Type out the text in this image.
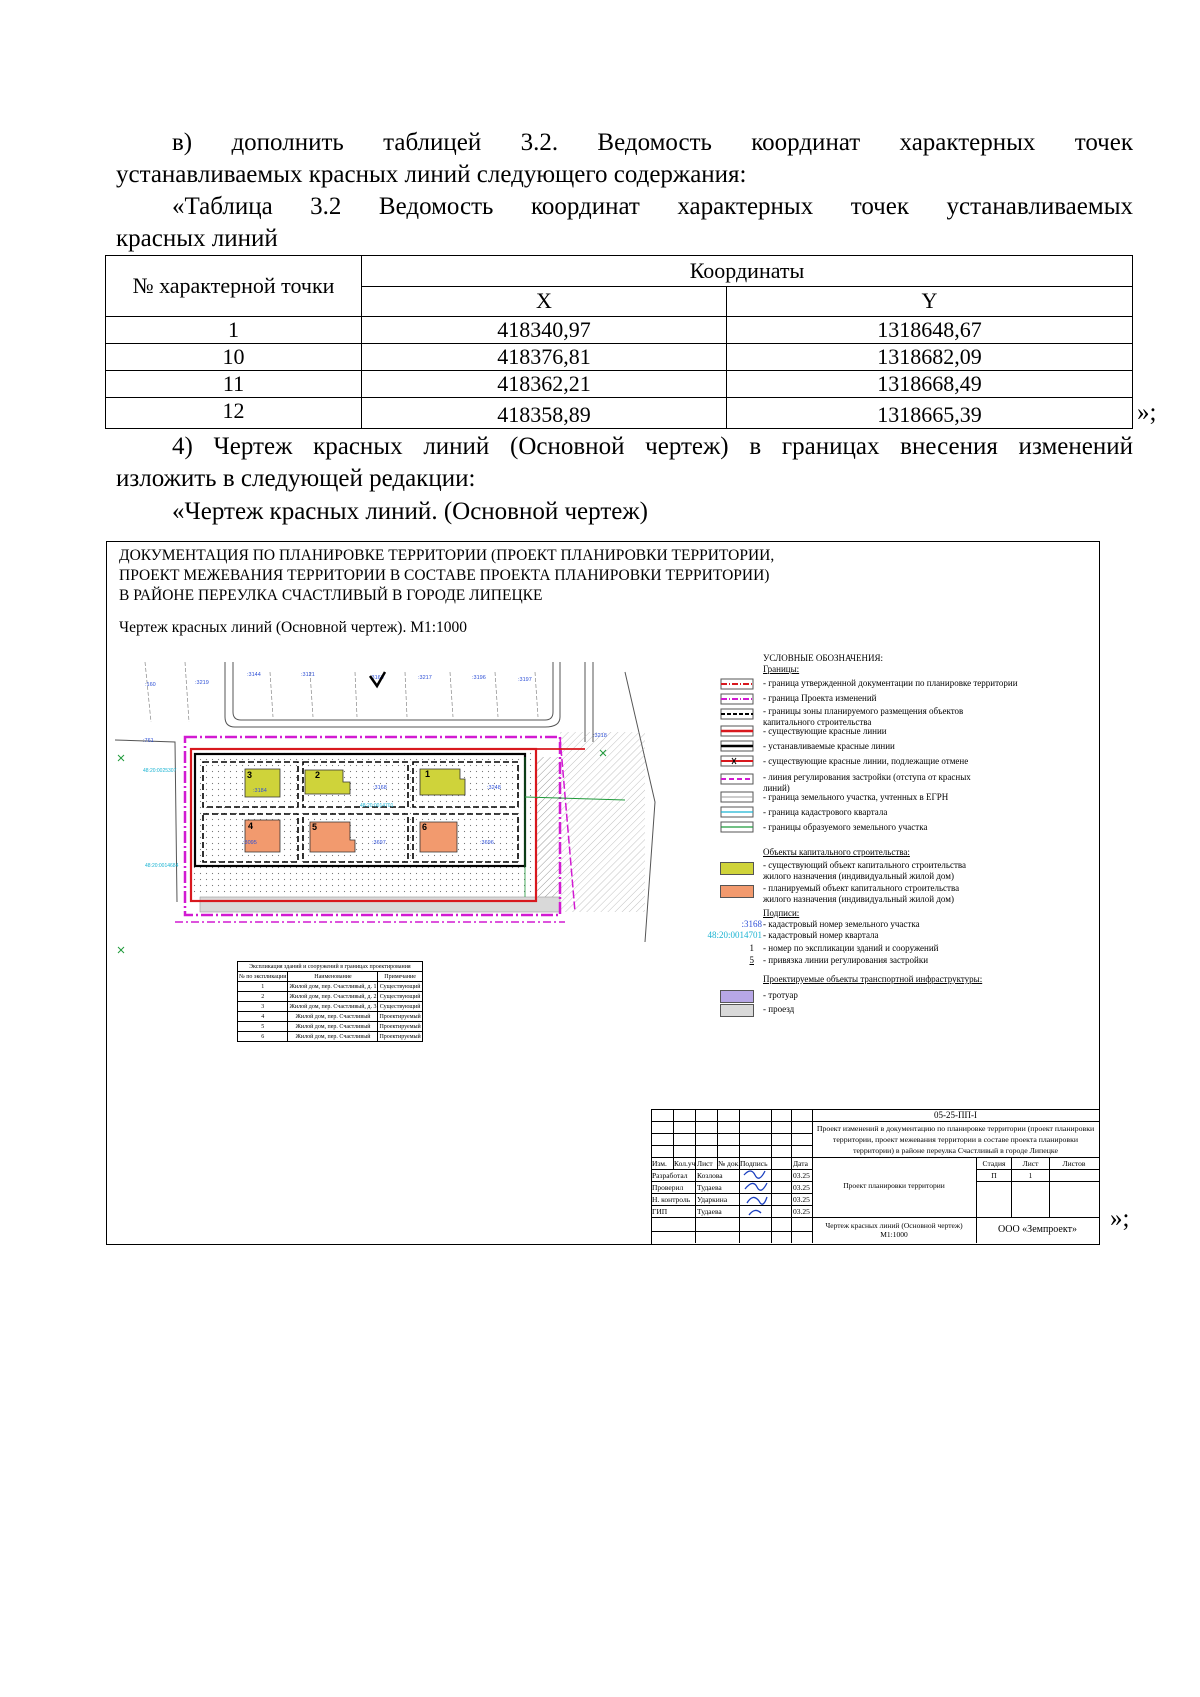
в) дополнить таблицей 3.2. Ведомость координат характерных точек
устанавливаемых красных линий следующего содержания:
«Таблица 3.2 Ведомость координат характерных точек устанавливаемых
красных линий
№ характерной точки	Координаты	
	X	Y
1	418340,97	1318648,67
10	418376,81	1318682,09
11	418362,21	1318668,49
12	418358,89	1318665,39	»;
4) Чертеж красных линий (Основной чертеж) в границах внесения изменений
изложить в следующей редакции:
«Чертеж красных линий. (Основной чертеж)
ДОКУМЕНТАЦИЯ ПО ПЛАНИРОВКЕ ТЕРРИТОРИИ (ПРОЕКТ ПЛАНИРОВКИ ТЕРРИТОРИИ,
ПРОЕКТ МЕЖЕВАНИЯ ТЕРРИТОРИИ В СОСТАВЕ ПРОЕКТА ПЛАНИРОВКИ ТЕРРИТОРИИ)
В РАЙОНЕ ПЕРЕУЛКА СЧАСТЛИВЫЙ В ГОРОДЕ ЛИПЕЦКЕ
Чертеж красных линий (Основной чертеж). М1:1000
3	2	1
4	5	6
:160	:3219
:3144	:3121	:3169	:3217	:3196	:3197
:3218
:761
:3184	:3168	:3248
:3095	:3697	:3696
48:20:0025307
48:20:0014701
48:20:0014684
Экспликация зданий и сооружений в границах проектирования		
№ по экспликации	Наименование	Примечание
1	Жилой дом, пер. Счастливый, д. 1	Существующий
2	Жилой дом, пер. Счастливый, д. 2	Существующий
3	Жилой дом, пер. Счастливый, д. 3	Существующий
4	Жилой дом, пер. Счастливый	Проектируемый
5	Жилой дом, пер. Счастливый	Проектируемый
6	Жилой дом, пер. Счастливый	Проектируемый
УСЛОВНЫЕ ОБОЗНАЧЕНИЯ:
Границы:
- граница утвержденной документации по планировке территории
- граница Проекта изменений
- границы зоны планируемого размещения объектов капитального строительства
- существующие красные линии
- устанавливаемые красные линии
- существующие красные линии, подлежащие отмене
- линия регулирования застройки (отступа от красных линий)
- граница земельного участка, учтенных в ЕГРН
- граница кадастрового квартала
- границы образуемого земельного участка
Объекты капитального строительства:
- существующий объект капитального строительства жилого назначения (индивидуальный жилой дом)
- планируемый объект капитального строительства жилого назначения (индивидуальный жилой дом)
Подписи:
:3168
48:20:0014701
1
5
- кадастровый номер земельного участка
- кадастровый номер квартала
- номер по экспликации зданий и сооружений
- привязка линии регулирования застройки
Проектируемые объекты транспортной инфраструктуры:
- тротуар
- проезд
05-25-ПП-I
Проект изменений в документацию по планировке территории (проект планировки территории, проект межевания территории в составе проекта планировки территории) в районе переулка Счастливый в городе Липецке
Изм. Кол.уч Лист № док. Подпись	Дата
Разработал Козлова	03.25
Проверил Тудаева	03.25
Н. контроль Ударкина	03.25
ГИП	Тудаева	03.25
Проект планировки территории
Стадия	Лист	Листов
П	1
Чертеж красных линий (Основной чертеж) М1:1000	ООО «Земпроект»	»;
